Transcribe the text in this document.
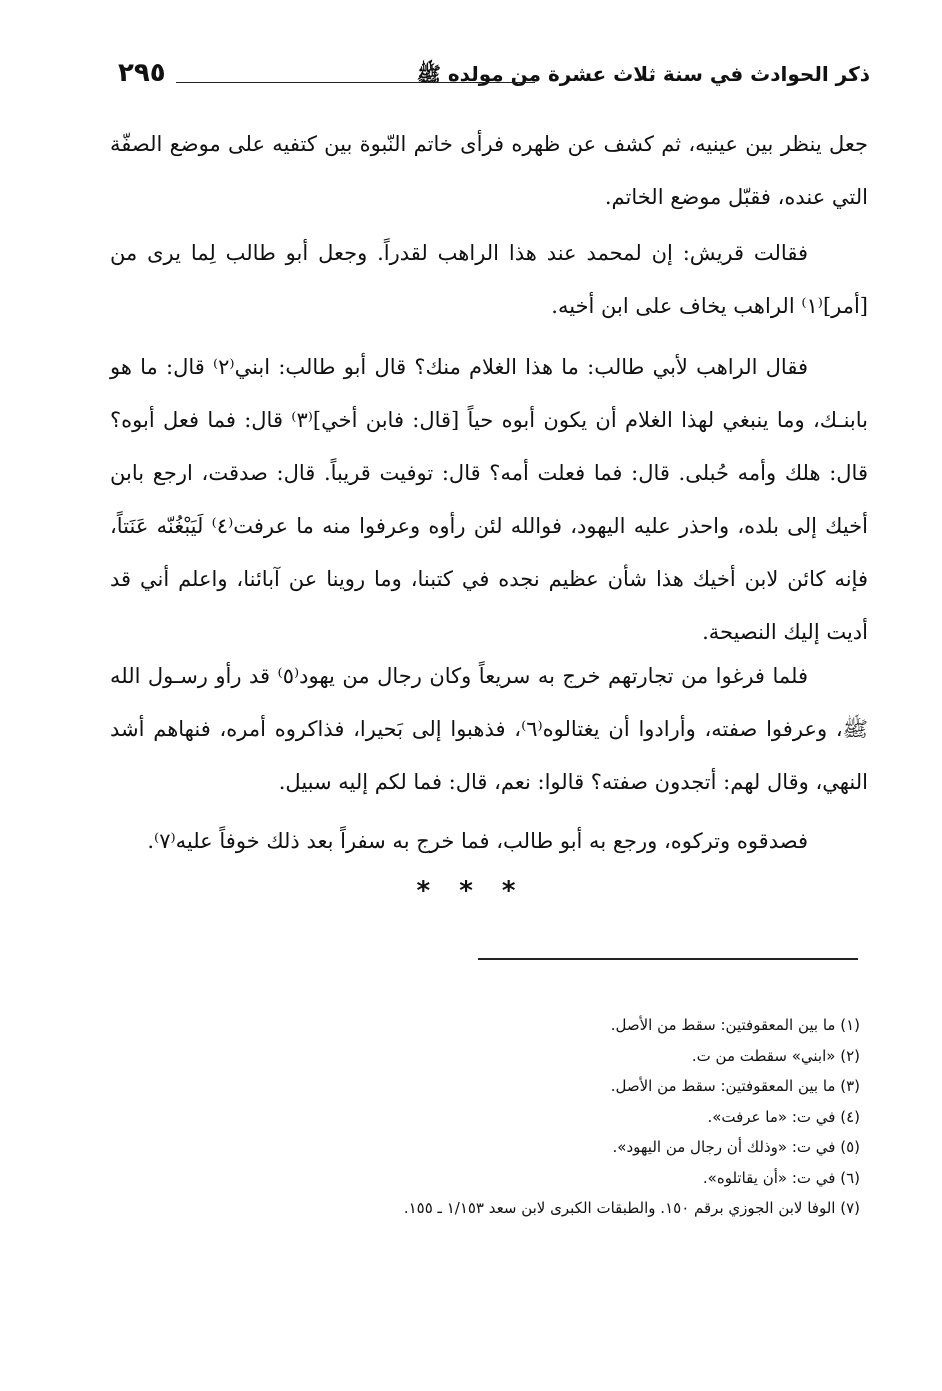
ذكر الحوادث في سنة ثلاث عشرة من مولده ﷺ
٢٩٥

جعل ينظر بين عينيه، ثم كشف عن ظهره فرأى خاتم النّبوة بين كتفيه على موضع الصفّة التي عنده، فقبّل موضع الخاتم.

فقالت قريش: إن لمحمد عند هذا الراهب لقدراً. وجعل أبو طالب لِما يرى من [أمر]⁽١⁾ الراهب يخاف على ابن أخيه.

فقال الراهب لأبي طالب: ما هذا الغلام منك؟ قال أبو طالب: ابني⁽٢⁾ قال: ما هو بابنـك، وما ينبغي لهذا الغلام أن يكون أبوه حياً [قال: فابن أخي]⁽٣⁾ قال: فما فعل أبوه؟ قال: هلك وأمه حُبلى. قال: فما فعلت أمه؟ قال: توفيت قريباً. قال: صدقت، ارجع بابن أخيك إلى بلده، واحذر عليه اليهود، فوالله لئن رأوه وعرفوا منه ما عرفت⁽٤⁾ لَيَبْغُنّه عَنَتاً، فإنه كائن لابن أخيك هذا شأن عظيم نجده في كتبنا، وما روينا عن آبائنا، واعلم أني قد أديت إليك النصيحة.

فلما فرغوا من تجارتهم خرج به سريعاً وكان رجال من يهود⁽٥⁾ قد رأو رسـول الله ﷺ، وعرفوا صفته، وأرادوا أن يغتالوه⁽٦⁾، فذهبوا إلى بَحيرا، فذاكروه أمره، فنهاهم أشد النهي، وقال لهم: أتجدون صفته؟ قالوا: نعم، قال: فما لكم إليه سبيل.

فصدقوه وتركوه، ورجع به أبو طالب، فما خرج به سفراً بعد ذلك خوفاً عليه⁽٧⁾.

* * *
(١) ما بين المعقوفتين: سقط من الأصل.
(٢) «ابني» سقطت من ت.
(٣) ما بين المعقوفتين: سقط من الأصل.
(٤) في ت: «ما عرفت».
(٥) في ت: «وذلك أن رجال من اليهود».
(٦) في ت: «أن يقاتلوه».
(٧) الوفا لابن الجوزي برقم ١٥٠. والطبقات الكبرى لابن سعد ١/١٥٣ ـ ١٥٥.
